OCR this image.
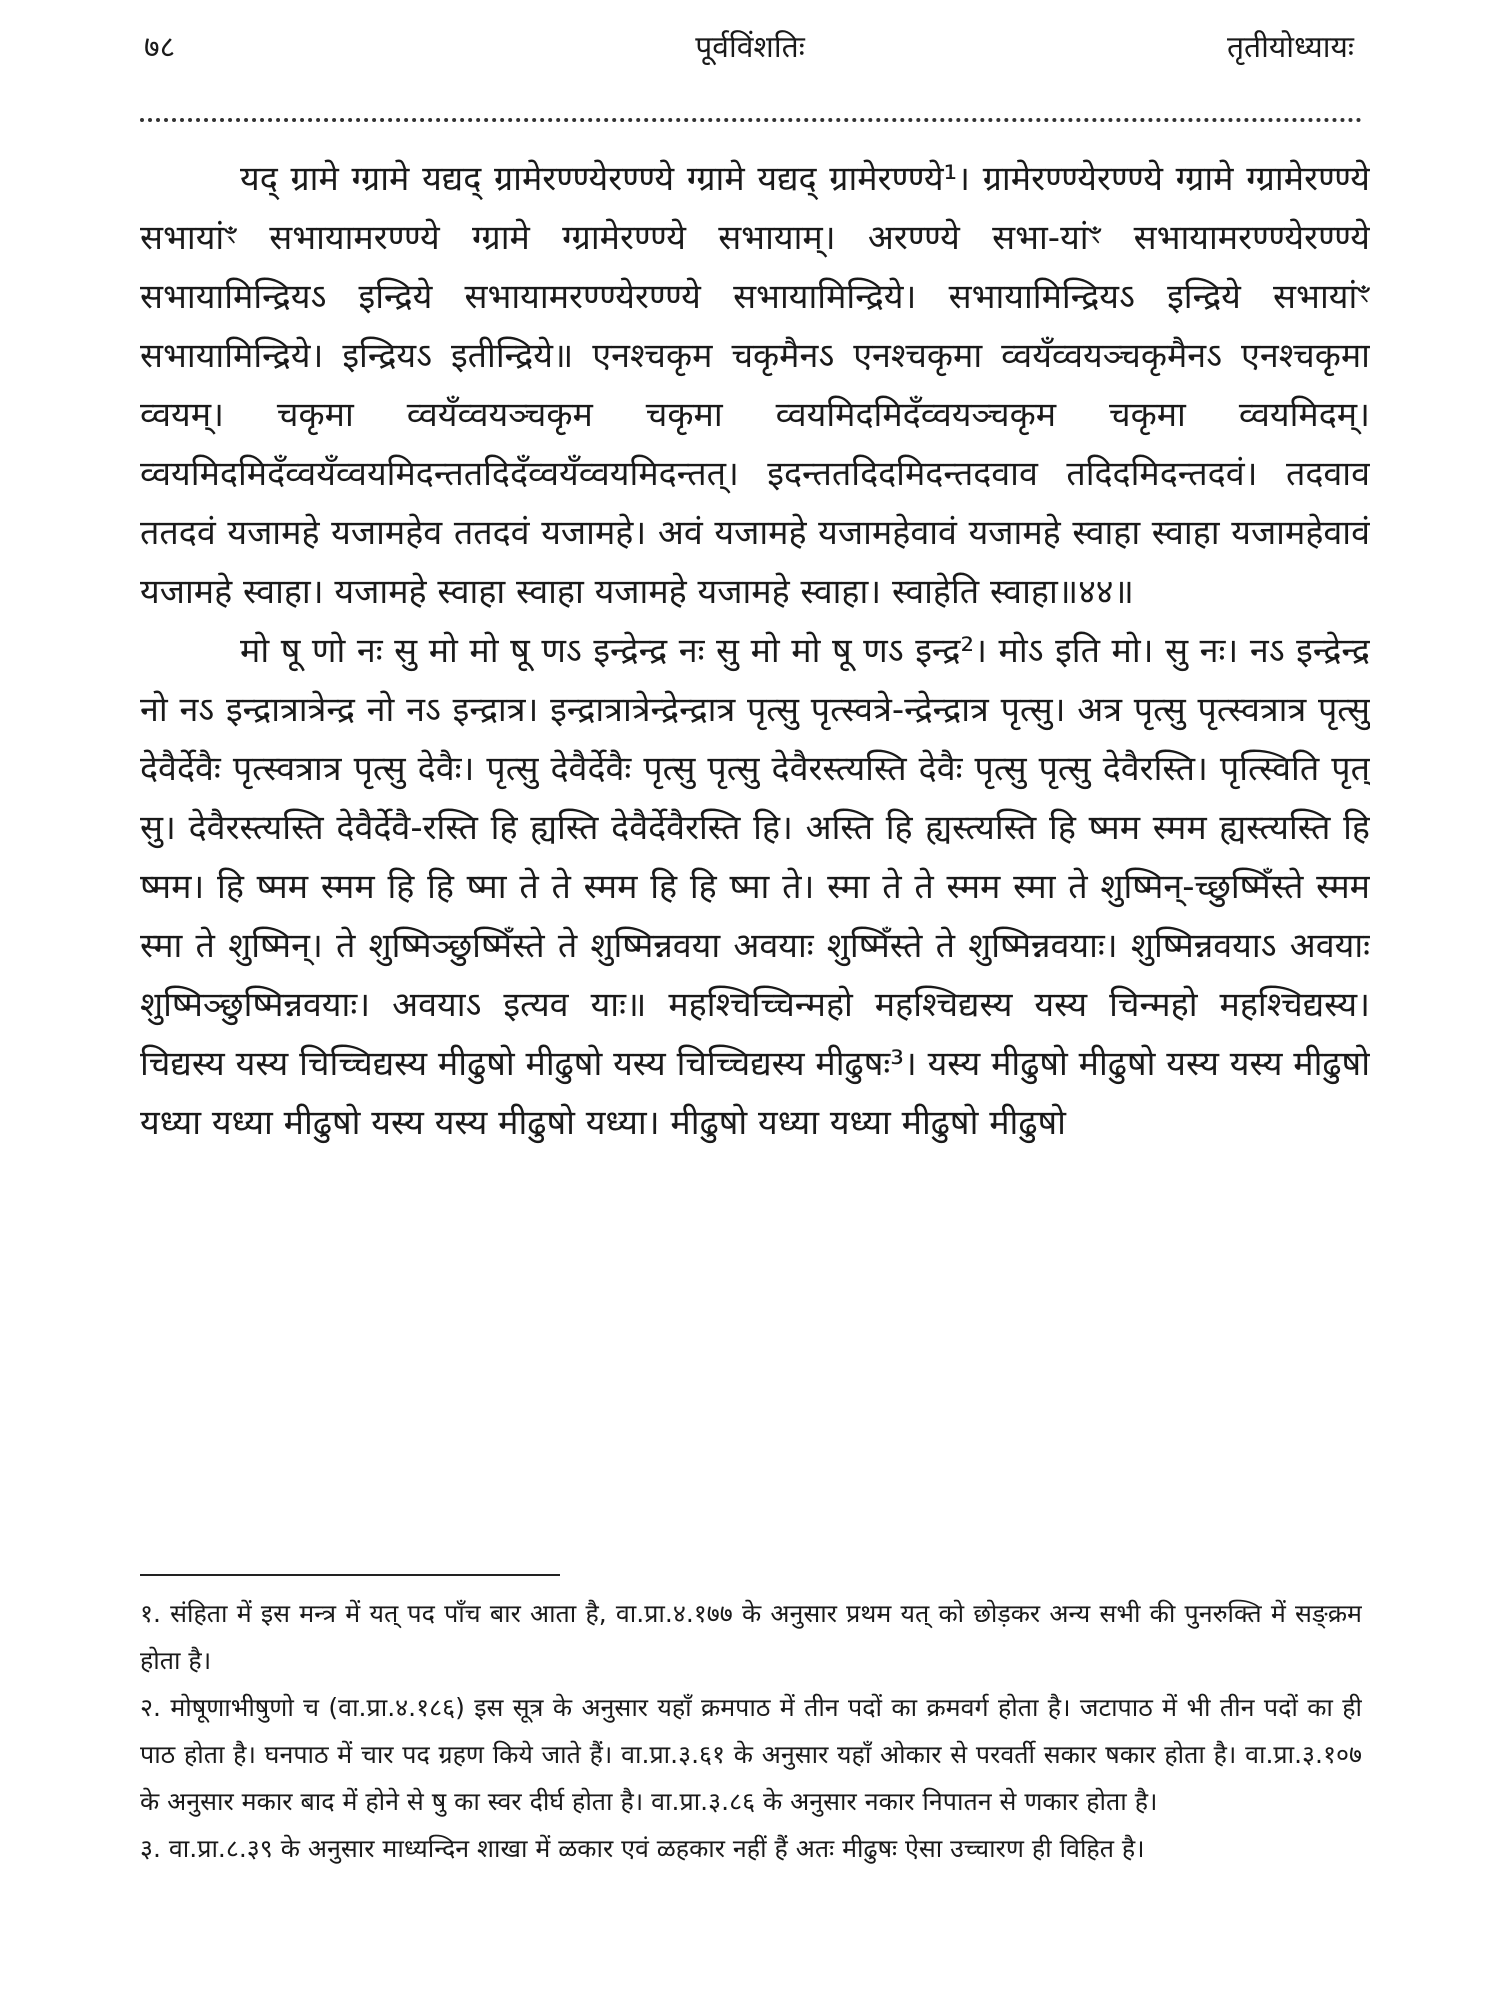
७८	पूर्वविंशतिः	तृतीयोध्यायः

यद् ग्रामे ग्ग्रामे यद्यद् ग्रामेरण्ण्येरण्ण्ये ग्ग्रामे यद्यद् ग्रामेरण्ण्ये¹। ग्रामेरण्ण्येरण्ण्ये ग्ग्रामे ग्ग्रामेरण्ण्ये सभायांꣳ सभायामरण्ण्ये ग्ग्रामे ग्ग्रामेरण्ण्ये सभायाम्। अरण्ण्ये सभा-यांꣳ सभायामरण्ण्येरण्ण्ये सभायामिन्द्रियऽ इन्द्रिये सभायामरण्ण्येरण्ण्ये सभायामिन्द्रिये। सभायामिन्द्रियऽ इन्द्रिये सभायांꣳ सभायामिन्द्रिये। इन्द्रियऽ इतीन्द्रिये॥ एनश्चकृम चकृमैनऽ एनश्चकृमा व्वयँव्वयञ्चकृमैनऽ एनश्चकृमा व्वयम्। चकृमा व्वयँव्वयञ्चकृम चकृमा व्वयमिदमिदँव्वयञ्चकृम चकृमा व्वयमिदम्। व्वयमिदमिदँव्वयँव्वयमिदन्ततदिदँव्वयँव्वयमिदन्तत्। इदन्ततदिदमिदन्तदवाव तदिदमिदन्तदवं। तदवाव ततदवं यजामहे यजामहेव ततदवं यजामहे। अवं यजामहे यजामहेवावं यजामहे स्वाहा स्वाहा यजामहेवावं यजामहे स्वाहा। यजामहे स्वाहा स्वाहा यजामहे यजामहे स्वाहा। स्वाहेति स्वाहा॥४४॥

मो षू णो नः सु मो मो षू णऽ इन्द्रेन्द्र नः सु मो मो षू णऽ इन्द्र²। मोऽ इति मो। सु नः। नऽ इन्द्रेन्द्र नो नऽ इन्द्रात्रात्रेन्द्र नो नऽ इन्द्रात्र। इन्द्रात्रात्रेन्द्रेन्द्रात्र पृत्सु पृत्स्वत्रे-न्द्रेन्द्रात्र पृत्सु। अत्र पृत्सु पृत्स्वत्रात्र पृत्सु देवैर्देवैः पृत्स्वत्रात्र पृत्सु देवैः। पृत्सु देवैर्देवैः पृत्सु पृत्सु देवैरस्त्यस्ति देवैः पृत्सु पृत्सु देवैरस्ति। पृत्स्विति पृत् सु। देवैरस्त्यस्ति देवैर्देवै-रस्ति हि ह्यस्ति देवैर्देवैरस्ति हि। अस्ति हि ह्यस्त्यस्ति हि ष्मम स्मम ह्यस्त्यस्ति हि ष्मम। हि ष्मम स्मम हि हि ष्मा ते ते स्मम हि हि ष्मा ते। स्मा ते ते स्मम स्मा ते शुष्मिन्-च्छुष्मिँस्ते स्मम स्मा ते शुष्मिन्। ते शुष्मिञ्छुष्मिँस्ते ते शुष्मिन्नवया अवयाः शुष्मिँस्ते ते शुष्मिन्नवयाः। शुष्मिन्नवयाऽ अवयाः शुष्मिञ्छुष्मिन्नवयाः। अवयाऽ इत्यव याः॥ महश्चिच्चिन्महो महश्चिद्यस्य यस्य चिन्महो महश्चिद्यस्य। चिद्यस्य यस्य चिच्चिद्यस्य मीढुषो मीढुषो यस्य चिच्चिद्यस्य मीढुषः³। यस्य मीढुषो मीढुषो यस्य यस्य मीढुषो यध्या यध्या मीढुषो यस्य यस्य मीढुषो यध्या। मीढुषो यध्या यध्या मीढुषो मीढुषो

१. संहिता में इस मन्त्र में यत् पद पाँच बार आता है, वा.प्रा.४.१७७ के अनुसार प्रथम यत् को छोड़कर अन्य सभी की पुनरुक्ति में सङ्क्रम होता है।

२. मोषूणाभीषुणो च (वा.प्रा.४.१८६) इस सूत्र के अनुसार यहाँ क्रमपाठ में तीन पदों का क्रमवर्ग होता है। जटापाठ में भी तीन पदों का ही पाठ होता है। घनपाठ में चार पद ग्रहण किये जाते हैं। वा.प्रा.३.६१ के अनुसार यहाँ ओकार से परवर्ती सकार षकार होता है। वा.प्रा.३.१०७ के अनुसार मकार बाद में होने से षु का स्वर दीर्घ होता है। वा.प्रा.३.८६ के अनुसार नकार निपातन से णकार होता है।

३. वा.प्रा.८.३९ के अनुसार माध्यन्दिन शाखा में ळकार एवं ळहकार नहीं हैं अतः मीढुषः ऐसा उच्चारण ही विहित है।
